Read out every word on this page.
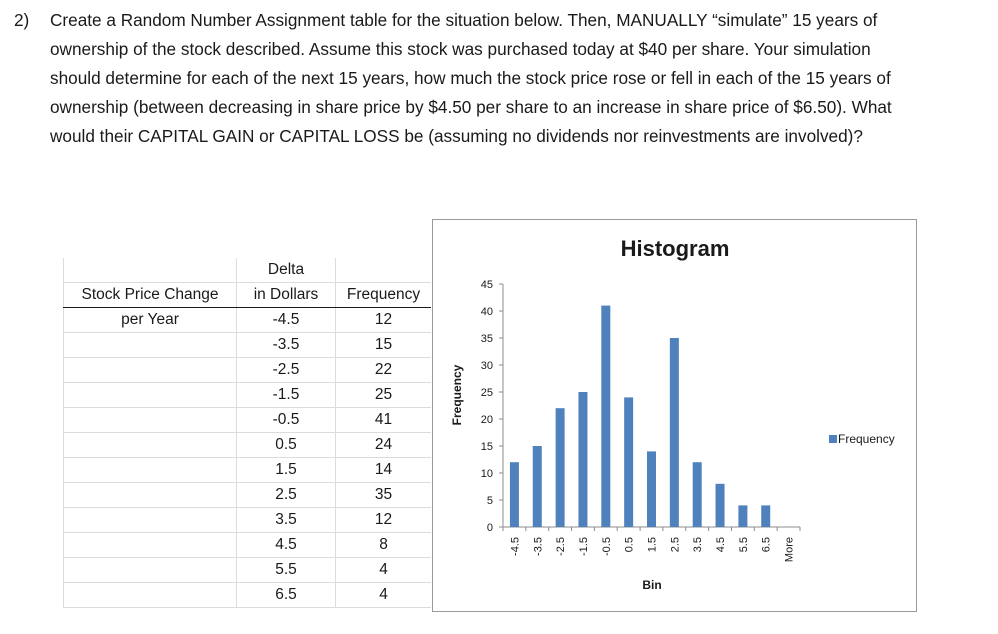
2) Create a Random Number Assignment table for the situation below. Then, MANUALLY “simulate” 15 years of
ownership of the stock described. Assume this stock was purchased today at $40 per share. Your simulation
should determine for each of the next 15 years, how much the stock price rose or fell in each of the 15 years of
ownership (between decreasing in share price by $4.50 per share to an increase in share price of $6.50). What
would their CAPITAL GAIN or CAPITAL LOSS be (assuming no dividends nor reinvestments are involved)?
	Delta	
Stock Price Change	in Dollars	Frequency
per Year	-4.5	12
	-3.5	15
	-2.5	22
	-1.5	25
	-0.5	41
	0.5	24
	1.5	14
	2.5	35
	3.5	12
	4.5	8
	5.5	4
	6.5	4
Histogram
Frequency
Bin
0
5
10
15
20
25
30
35
40
45
-4.5 -3.5 -2.5 -1.5 -0.5 0.5 1.5 2.5 3.5 4.5 5.5 6.5 More
Frequency
